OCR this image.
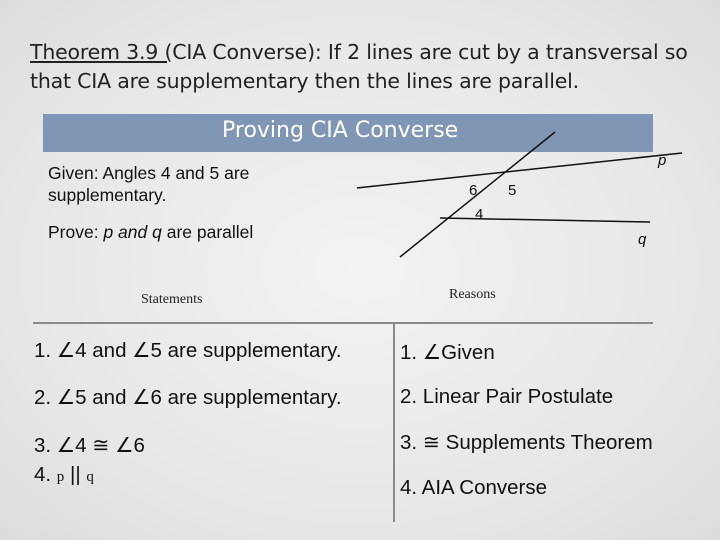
Theorem 3.9 (CIA Converse): If 2 lines are cut by a transversal so that CIA are supplementary then the lines are parallel.
Proving CIA Converse
Given: Angles 4 and 5 are supplementary.
Prove: p and q are parallel
p
q
6 5
4
Statements	Reasons
1. ∠4 and ∠5 are supplementary.	1. ∠Given
2. ∠5 and ∠6 are supplementary.	2. Linear Pair Postulate
3. ∠4 ≅ ∠6	3. ≅ Supplements Theorem
4. p || q	4. AIA Converse
